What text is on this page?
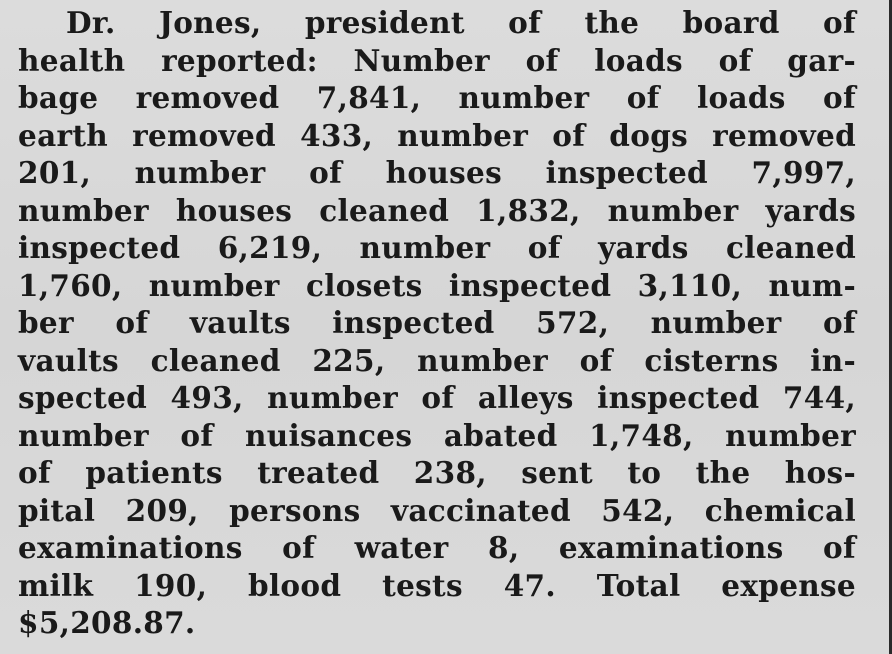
Dr. Jones, president of the board of
health reported: Number of loads of gar-
bage removed 7,841, number of loads of
earth removed 433, number of dogs removed
201, number of houses inspected 7,997,
number houses cleaned 1,832, number yards
inspected 6,219, number of yards cleaned
1,760, number closets inspected 3,110, num-
ber of vaults inspected 572, number of
vaults cleaned 225, number of cisterns in-
spected 493, number of alleys inspected 744,
number of nuisances abated 1,748, number
of patients treated 238, sent to the hos-
pital 209, persons vaccinated 542, chemical
examinations of water 8, examinations of
milk 190, blood tests 47. Total expense
$5,208.87.
